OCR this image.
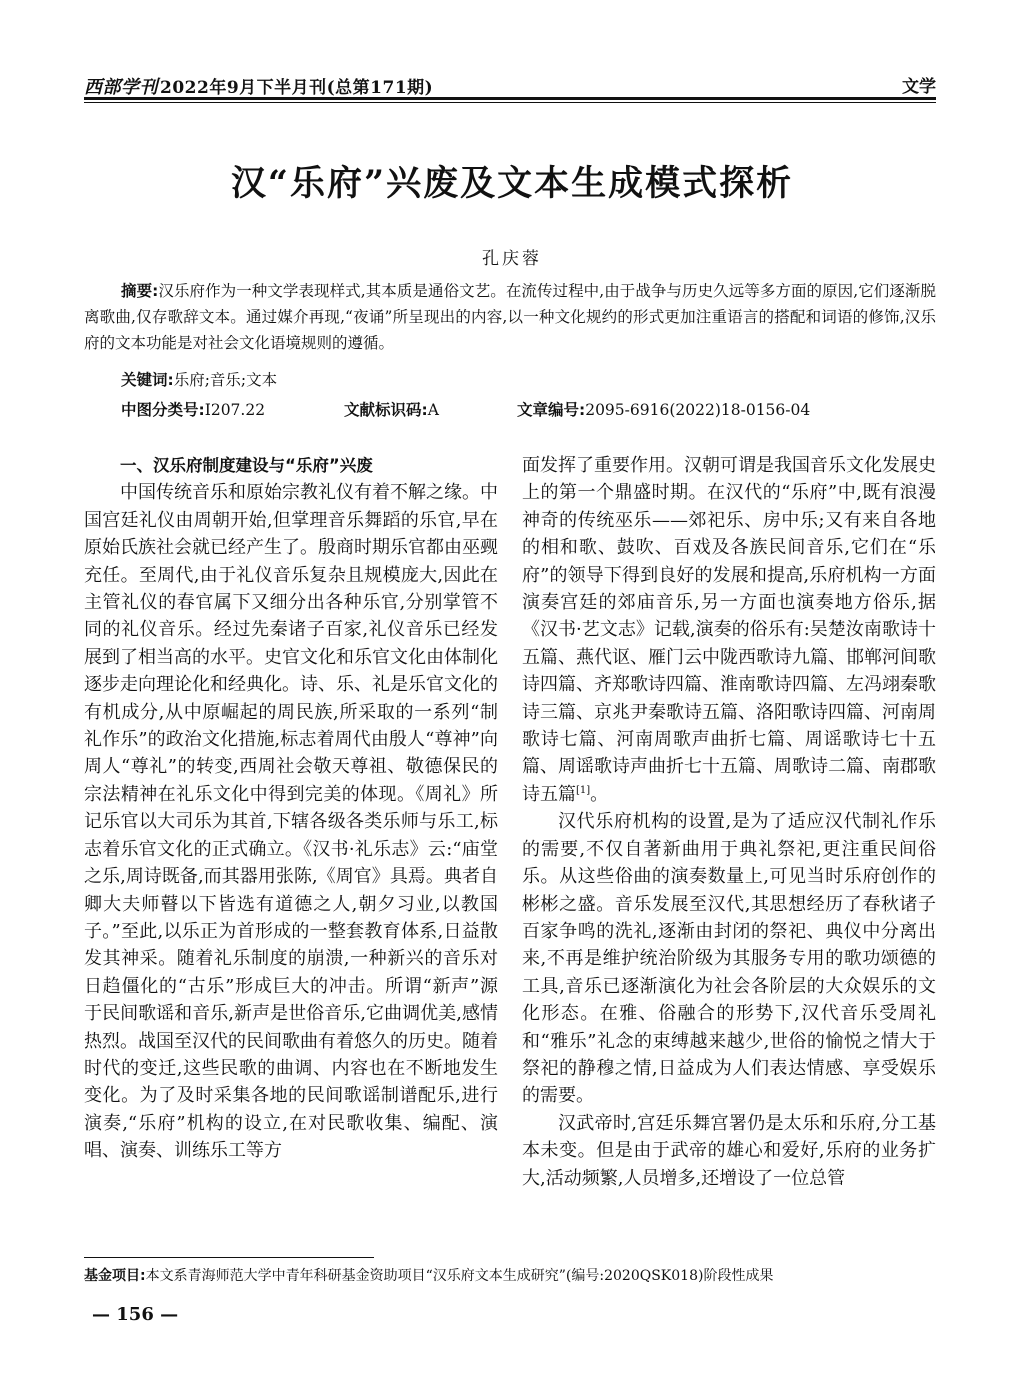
西部学刊 2022年9月下半月刊(总第171期)	文学
汉“乐府”兴废及文本生成模式探析
孔庆蓉

摘要:汉乐府作为一种文学表现样式,其本质是通俗文艺。在流传过程中,由于战争与历史久远等多方面的原因,它们逐渐脱离歌曲,仅存歌辞文本。通过媒介再现,“夜诵”所呈现出的内容,以一种文化规约的形式更加注重语言的搭配和词语的修饰,汉乐府的文本功能是对社会文化语境规则的遵循。

关键词:乐府;音乐;文本
中图分类号:I207.22	文献标识码:A	文章编号:2095-6916(2022)18-0156-04
一、汉乐府制度建设与“乐府”兴废

中国传统音乐和原始宗教礼仪有着不解之缘。中国宫廷礼仪由周朝开始,但掌理音乐舞蹈的乐官,早在原始氏族社会就已经产生了。殷商时期乐官都由巫觋充任。至周代,由于礼仪音乐复杂且规模庞大,因此在主管礼仪的春官属下又细分出各种乐官,分别掌管不同的礼仪音乐。经过先秦诸子百家,礼仪音乐已经发展到了相当高的水平。史官文化和乐官文化由体制化逐步走向理论化和经典化。诗、乐、礼是乐官文化的有机成分,从中原崛起的周民族,所采取的一系列“制礼作乐”的政治文化措施,标志着周代由殷人“尊神”向周人“尊礼”的转变,西周社会敬天尊祖、敬德保民的宗法精神在礼乐文化中得到完美的体现。《周礼》所记乐官以大司乐为其首,下辖各级各类乐师与乐工,标志着乐官文化的正式确立。《汉书·礼乐志》云:“庙堂之乐,周诗既备,而其器用张陈,《周官》具焉。典者自卿大夫师瞽以下皆选有道德之人,朝夕习业,以教国子。”至此,以乐正为首形成的一整套教育体系,日益散发其神采。随着礼乐制度的崩溃,一种新兴的音乐对日趋僵化的“古乐”形成巨大的冲击。所谓“新声”源于民间歌谣和音乐,新声是世俗音乐,它曲调优美,感情热烈。战国至汉代的民间歌曲有着悠久的历史。随着时代的变迁,这些民歌的曲调、内容也在不断地发生变化。为了及时采集各地的民间歌谣制谱配乐,进行演奏,“乐府”机构的设立,在对民歌收集、编配、演唱、演奏、训练乐工等方

面发挥了重要作用。汉朝可谓是我国音乐文化发展史上的第一个鼎盛时期。在汉代的“乐府”中,既有浪漫神奇的传统巫乐——郊祀乐、房中乐;又有来自各地的相和歌、鼓吹、百戏及各族民间音乐,它们在“乐府”的领导下得到良好的发展和提高,乐府机构一方面演奏宫廷的郊庙音乐,另一方面也演奏地方俗乐,据《汉书·艺文志》记载,演奏的俗乐有:吴楚汝南歌诗十五篇、燕代讴、雁门云中陇西歌诗九篇、邯郸河间歌诗四篇、齐郑歌诗四篇、淮南歌诗四篇、左冯翊秦歌诗三篇、京兆尹秦歌诗五篇、洛阳歌诗四篇、河南周歌诗七篇、河南周歌声曲折七篇、周谣歌诗七十五篇、周谣歌诗声曲折七十五篇、周歌诗二篇、南郡歌诗五篇[1]。

汉代乐府机构的设置,是为了适应汉代制礼作乐的需要,不仅自著新曲用于典礼祭祀,更注重民间俗乐。从这些俗曲的演奏数量上,可见当时乐府创作的彬彬之盛。音乐发展至汉代,其思想经历了春秋诸子百家争鸣的洗礼,逐渐由封闭的祭祀、典仪中分离出来,不再是维护统治阶级为其服务专用的歌功颂德的工具,音乐已逐渐演化为社会各阶层的大众娱乐的文化形态。在雅、俗融合的形势下,汉代音乐受周礼和“雅乐”礼念的束缚越来越少,世俗的愉悦之情大于祭祀的静穆之情,日益成为人们表达情感、享受娱乐的需要。

汉武帝时,宫廷乐舞宫署仍是太乐和乐府,分工基本未变。但是由于武帝的雄心和爱好,乐府的业务扩大,活动频繁,人员增多,还增设了一位总管

基金项目:本文系青海师范大学中青年科研基金资助项目“汉乐府文本生成研究”(编号:2020QSK018)阶段性成果
— 156 —
